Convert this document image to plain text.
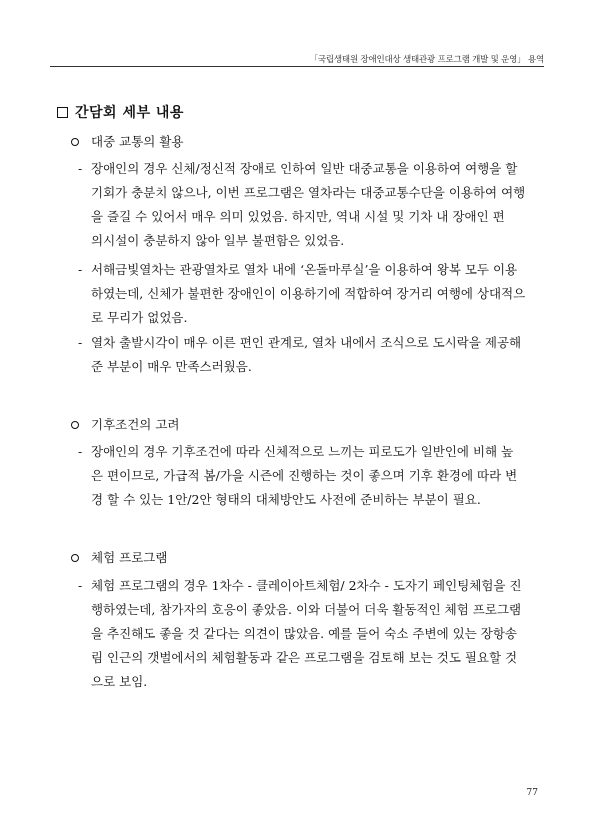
「국립생태원 장애인대상 생태관광 프로그램 개발 및 운영」 용역
간담회 세부 내용
대중 교통의 활용
- 장애인의 경우 신체/정신적 장애로 인하여 일반 대중교통을 이용하여 여행을 할
기회가 충분치 않으나, 이번 프로그램은 열차라는 대중교통수단을 이용하여 여행
을 즐길 수 있어서 매우 의미 있었음. 하지만, 역내 시설 및 기차 내 장애인 편
의시설이 충분하지 않아 일부 불편함은 있었음.
- 서해금빛열차는 관광열차로 열차 내에 ‘온돌마루실’을 이용하여 왕복 모두 이용
하였는데, 신체가 불편한 장애인이 이용하기에 적합하여 장거리 여행에 상대적으
로 무리가 없었음.
- 열차 출발시각이 매우 이른 편인 관계로, 열차 내에서 조식으로 도시락을 제공해
준 부분이 매우 만족스러웠음.
기후조건의 고려
- 장애인의 경우 기후조건에 따라 신체적으로 느끼는 피로도가 일반인에 비해 높
은 편이므로, 가급적 봄/가을 시즌에 진행하는 것이 좋으며 기후 환경에 따라 변
경 할 수 있는 1안/2안 형태의 대체방안도 사전에 준비하는 부분이 필요.
체험 프로그램
- 체험 프로그램의 경우 1차수 - 클레이아트체험/ 2차수 - 도자기 페인팅체험을 진
행하였는데, 참가자의 호응이 좋았음. 이와 더불어 더욱 활동적인 체험 프로그램
을 추진해도 좋을 것 같다는 의견이 많았음. 예를 들어 숙소 주변에 있는 장항송
림 인근의 갯벌에서의 체험활동과 같은 프로그램을 검토해 보는 것도 필요할 것
으로 보임.
77
